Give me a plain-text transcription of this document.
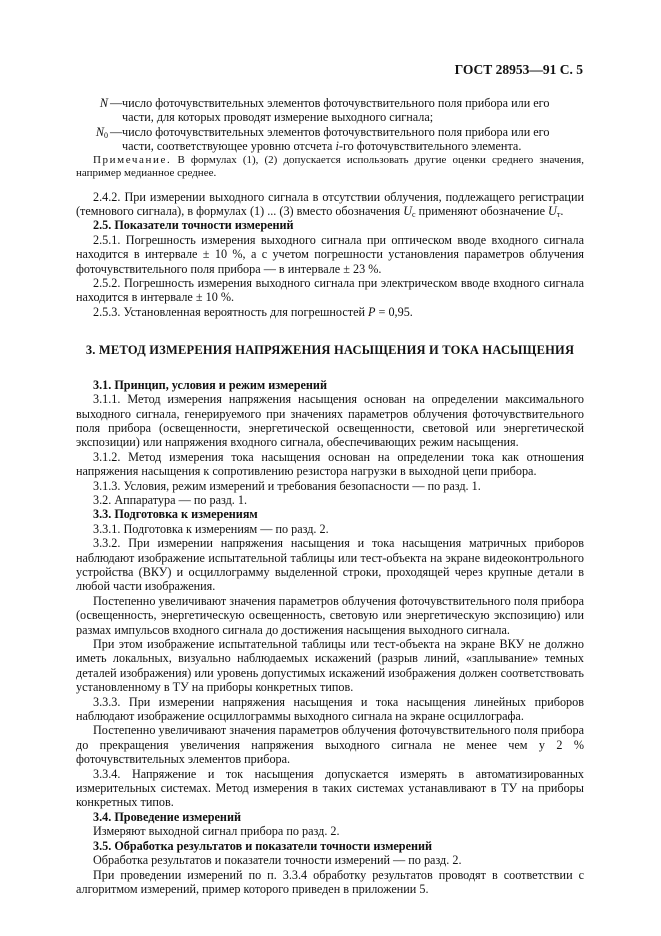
ГОСТ 28953—91 С. 5
N — число фоточувствительных элементов фоточувствительного поля прибора или его
части, для которых проводят измерение выходного сигнала;
$N_0$ — число фоточувствительных элементов фоточувствительного поля прибора или его
части, соответствующее уровню отсчета i-го фоточувствительного элемента.

Примечание. В формулах (1), (2) допускается использовать другие оценки среднего значения, например медианное среднее.

2.4.2. При измерении выходного сигнала в отсутствии облучения, подлежащего регистрации (темнового сигнала), в формулах (1) ... (3) вместо обозначения $U_c$ применяют обозначение $U_т$.

2.5. Показатели точности измерений

2.5.1. Погрешность измерения выходного сигнала при оптическом вводе входного сигнала находится в интервале ± 10 %, а с учетом погрешности установления параметров облучения фоточувствительного поля прибора — в интервале ± 23 %.

2.5.2. Погрешность измерения выходного сигнала при электрическом вводе входного сигнала находится в интервале ± 10 %.

2.5.3. Установленная вероятность для погрешностей P = 0,95.

3. МЕТОД ИЗМЕРЕНИЯ НАПРЯЖЕНИЯ НАСЫЩЕНИЯ И ТОКА НАСЫЩЕНИЯ

3.1. Принцип, условия и режим измерений

3.1.1. Метод измерения напряжения насыщения основан на определении максимального выходного сигнала, генерируемого при значениях параметров облучения фоточувствительного поля прибора (освещенности, энергетической освещенности, световой или энергетической экспозиции) или напряжения входного сигнала, обеспечивающих режим насыщения.

3.1.2. Метод измерения тока насыщения основан на определении тока как отношения напряжения насыщения к сопротивлению резистора нагрузки в выходной цепи прибора.

3.1.3. Условия, режим измерений и требования безопасности — по разд. 1.

3.2. Аппаратура — по разд. 1.

3.3. Подготовка к измерениям

3.3.1. Подготовка к измерениям — по разд. 2.

3.3.2. При измерении напряжения насыщения и тока насыщения матричных приборов наблюдают изображение испытательной таблицы или тест-объекта на экране видеоконтрольного устройства (ВКУ) и осциллограмму выделенной строки, проходящей через крупные детали в любой части изображения.

Постепенно увеличивают значения параметров облучения фоточувствительного поля прибора (освещенность, энергетическую освещенность, световую или энергетическую экспозицию) или размах импульсов входного сигнала до достижения насыщения выходного сигнала.

При этом изображение испытательной таблицы или тест-объекта на экране ВКУ не должно иметь локальных, визуально наблюдаемых искажений (разрыв линий, «заплывание» темных деталей изображения) или уровень допустимых искажений изображения должен соответствовать установленному в ТУ на приборы конкретных типов.

3.3.3. При измерении напряжения насыщения и тока насыщения линейных приборов наблюдают изображение осциллограммы выходного сигнала на экране осциллографа.

Постепенно увеличивают значения параметров облучения фоточувствительного поля прибора до прекращения увеличения напряжения выходного сигнала не менее чем у 2 % фоточувствительных элементов прибора.

3.3.4. Напряжение и ток насыщения допускается измерять в автоматизированных измерительных системах. Метод измерения в таких системах устанавливают в ТУ на приборы конкретных типов.

3.4. Проведение измерений

Измеряют выходной сигнал прибора по разд. 2.

3.5. Обработка результатов и показатели точности измерений

Обработка результатов и показатели точности измерений — по разд. 2.

При проведении измерений по п. 3.3.4 обработку результатов проводят в соответствии с алгоритмом измерений, пример которого приведен в приложении 5.
